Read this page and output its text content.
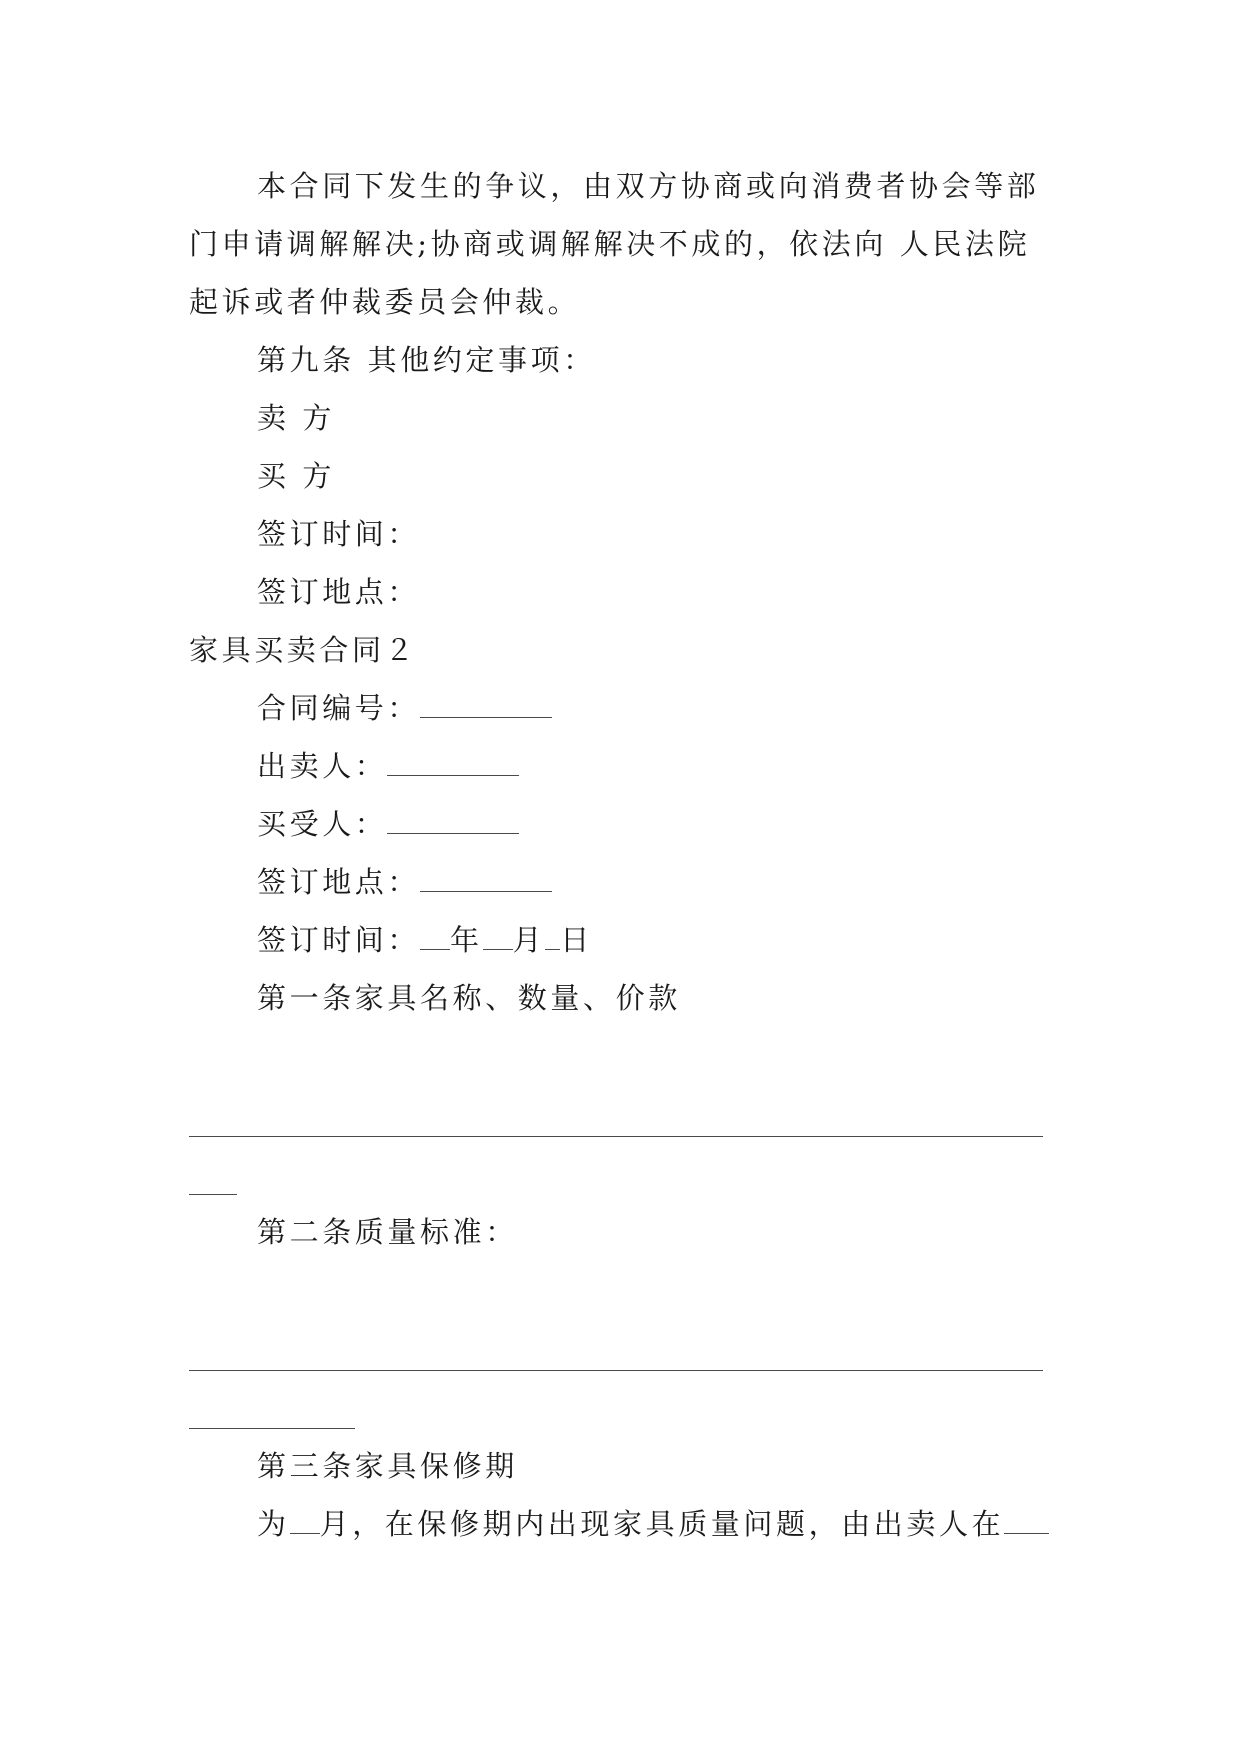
本合同下发生的争议，由双方协商或向消费者协会等部
门申请调解解决;协商或调解解决不成的，依法向 人民法院
起诉或者仲裁委员会仲裁。
第九条 其他约定事项：
卖 方
买 方
签订时间：
签订地点：
家具买卖合同２
合同编号：
出卖人：
买受人：
签订地点：
签订时间： 年 月 日
第一条家具名称、数量、价款
第二条质量标准：
第三条家具保修期
为 月，在保修期内出现家具质量问题，由出卖人在
